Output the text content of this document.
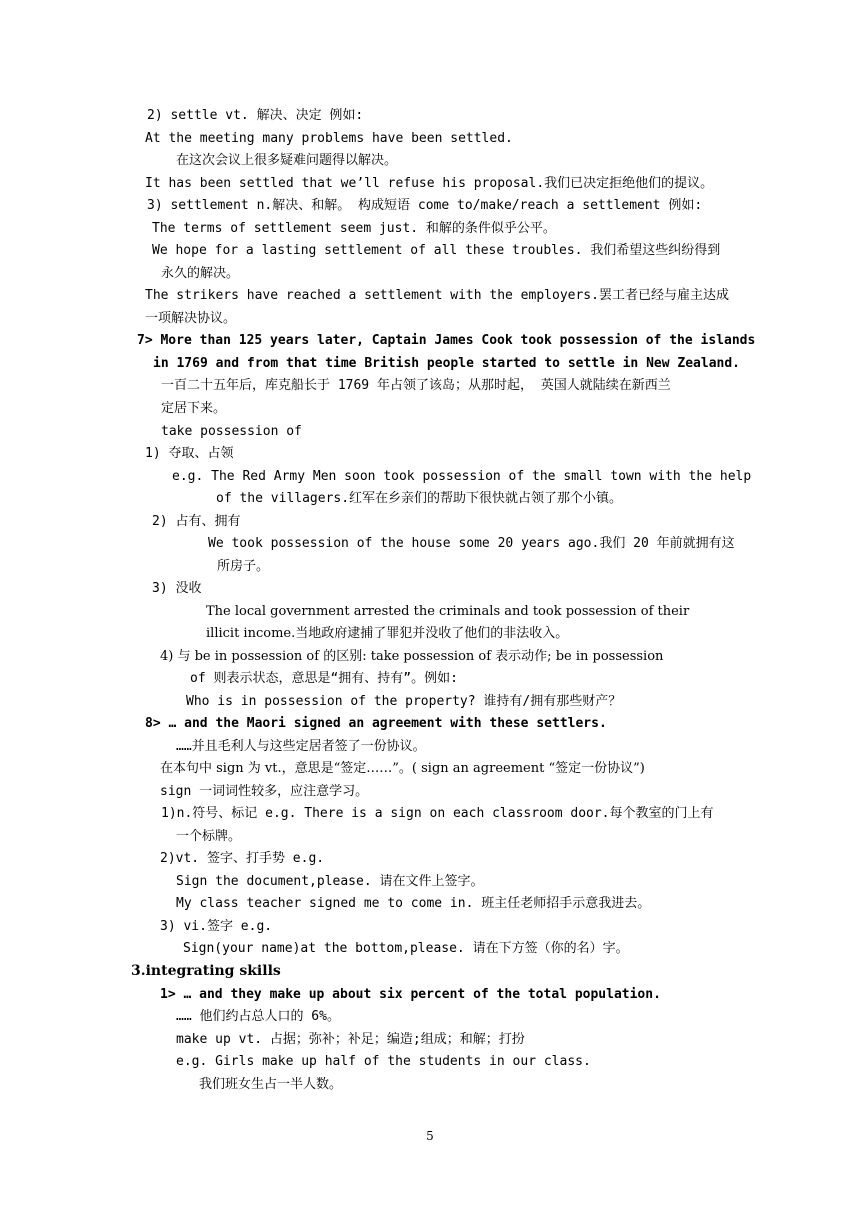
2) settle vt. 解决、决定 例如:
At the meeting many problems have been settled.
在这次会议上很多疑难问题得以解决。
It has been settled that we’ll refuse his proposal.我们已决定拒绝他们的提议。
3) settlement n.解决、和解。 构成短语 come to/make/reach a settlement 例如:
The terms of settlement seem just. 和解的条件似乎公平。
We hope for a lasting settlement of all these troubles. 我们希望这些纠纷得到
永久的解决。
The strikers have reached a settlement with the employers.罢工者已经与雇主达成
一项解决协议。
7> More than 125 years later, Captain James Cook took possession of the islands
in 1769 and from that time British people started to settle in New Zealand.
一百二十五年后，库克船长于 1769 年占领了该岛；从那时起， 英国人就陆续在新西兰
定居下来。
take possession of
1) 夺取、占领
e.g. The Red Army Men soon took possession of the small town with the help
of the villagers.红军在乡亲们的帮助下很快就占领了那个小镇。
2) 占有、拥有
We took possession of the house some 20 years ago.我们 20 年前就拥有这
所房子。
3) 没收
The local government arrested the criminals and took possession of their
illicit income.当地政府逮捕了罪犯并没收了他们的非法收入。
4) 与 be in possession of 的区别: take possession of 表示动作; be in possession
of 则表示状态，意思是“拥有、持有”。例如:
Who is in possession of the property? 谁持有/拥有那些财产？
8> … and the Maori signed an agreement with these settlers.
……并且毛利人与这些定居者签了一份协议。
在本句中 sign 为 vt.，意思是“签定……”。( sign an agreement “签定一份协议”)
sign 一词词性较多，应注意学习。
1)n.符号、标记 e.g. There is a sign on each classroom door.每个教室的门上有
一个标牌。
2)vt. 签字、打手势 e.g.
Sign the document,please. 请在文件上签字。
My class teacher signed me to come in. 班主任老师招手示意我进去。
3) vi.签字 e.g.
Sign(your name)at the bottom,please. 请在下方签（你的名）字。
3.integrating skills
1> … and they make up about six percent of the total population.
…… 他们约占总人口的 6%。
make up vt. 占据；弥补；补足；编造;组成；和解；打扮
e.g. Girls make up half of the students in our class.
我们班女生占一半人数。
5
